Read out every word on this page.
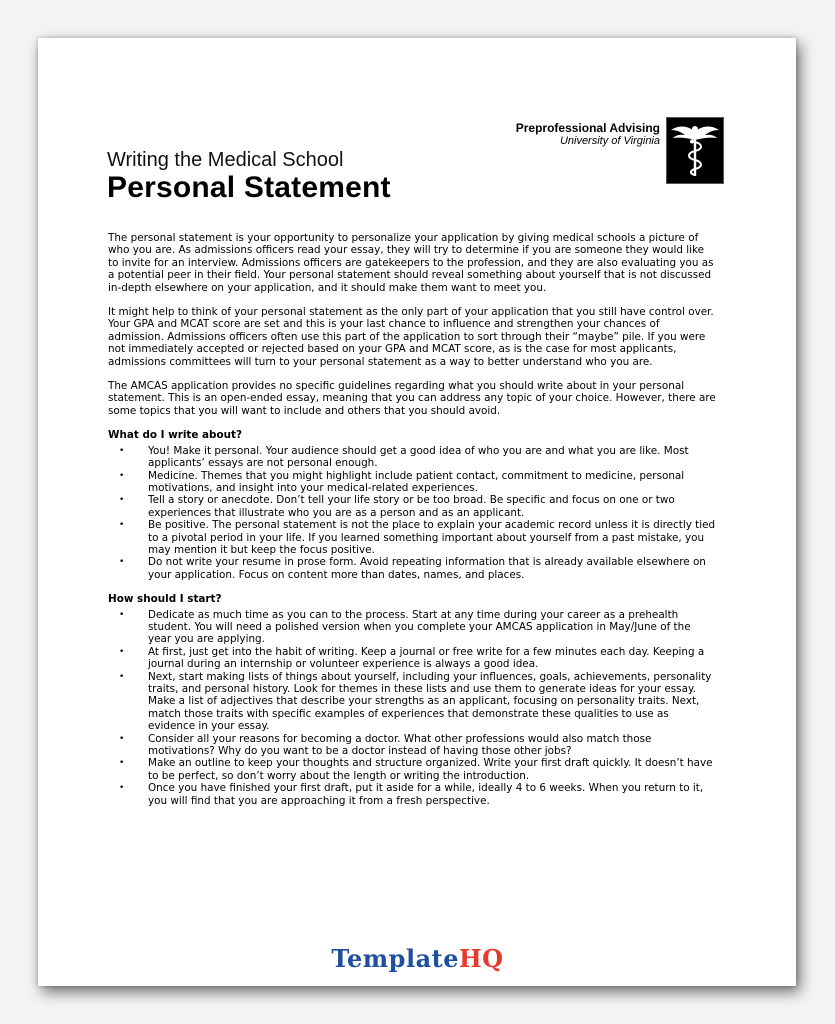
Preprofessional Advising
University of Virginia
Writing the Medical School
Personal Statement

The personal statement is your opportunity to personalize your application by giving medical schools a picture of who you are. As admissions officers read your essay, they will try to determine if you are someone they would like to invite for an interview. Admissions officers are gatekeepers to the profession, and they are also evaluating you as a potential peer in their field. Your personal statement should reveal something about yourself that is not discussed in-depth elsewhere on your application, and it should make them want to meet you.

It might help to think of your personal statement as the only part of your application that you still have control over. Your GPA and MCAT score are set and this is your last chance to influence and strengthen your chances of admission. Admissions officers often use this part of the application to sort through their “maybe” pile. If you were not immediately accepted or rejected based on your GPA and MCAT score, as is the case for most applicants, admissions committees will turn to your personal statement as a way to better understand who you are.

The AMCAS application provides no specific guidelines regarding what you should write about in your personal statement. This is an open-ended essay, meaning that you can address any topic of your choice. However, there are some topics that you will want to include and others that you should avoid.

What do I write about?
• You! Make it personal. Your audience should get a good idea of who you are and what you are like. Most applicants’ essays are not personal enough.
• Medicine. Themes that you might highlight include patient contact, commitment to medicine, personal motivations, and insight into your medical-related experiences.
• Tell a story or anecdote. Don’t tell your life story or be too broad. Be specific and focus on one or two experiences that illustrate who you are as a person and as an applicant.
• Be positive. The personal statement is not the place to explain your academic record unless it is directly tied to a pivotal period in your life. If you learned something important about yourself from a past mistake, you may mention it but keep the focus positive.
• Do not write your resume in prose form. Avoid repeating information that is already available elsewhere on your application. Focus on content more than dates, names, and places.
How should I start?
• Dedicate as much time as you can to the process. Start at any time during your career as a prehealth student. You will need a polished version when you complete your AMCAS application in May/June of the year you are applying.
• At first, just get into the habit of writing. Keep a journal or free write for a few minutes each day. Keeping a journal during an internship or volunteer experience is always a good idea.
• Next, start making lists of things about yourself, including your influences, goals, achievements, personality traits, and personal history. Look for themes in these lists and use them to generate ideas for your essay. Make a list of adjectives that describe your strengths as an applicant, focusing on personality traits. Next, match those traits with specific examples of experiences that demonstrate these qualities to use as evidence in your essay.
• Consider all your reasons for becoming a doctor. What other professions would also match those motivations? Why do you want to be a doctor instead of having those other jobs?
• Make an outline to keep your thoughts and structure organized. Write your first draft quickly. It doesn’t have to be perfect, so don’t worry about the length or writing the introduction.
• Once you have finished your first draft, put it aside for a while, ideally 4 to 6 weeks. When you return to it, you will find that you are approaching it from a fresh perspective.
TemplateHQ
